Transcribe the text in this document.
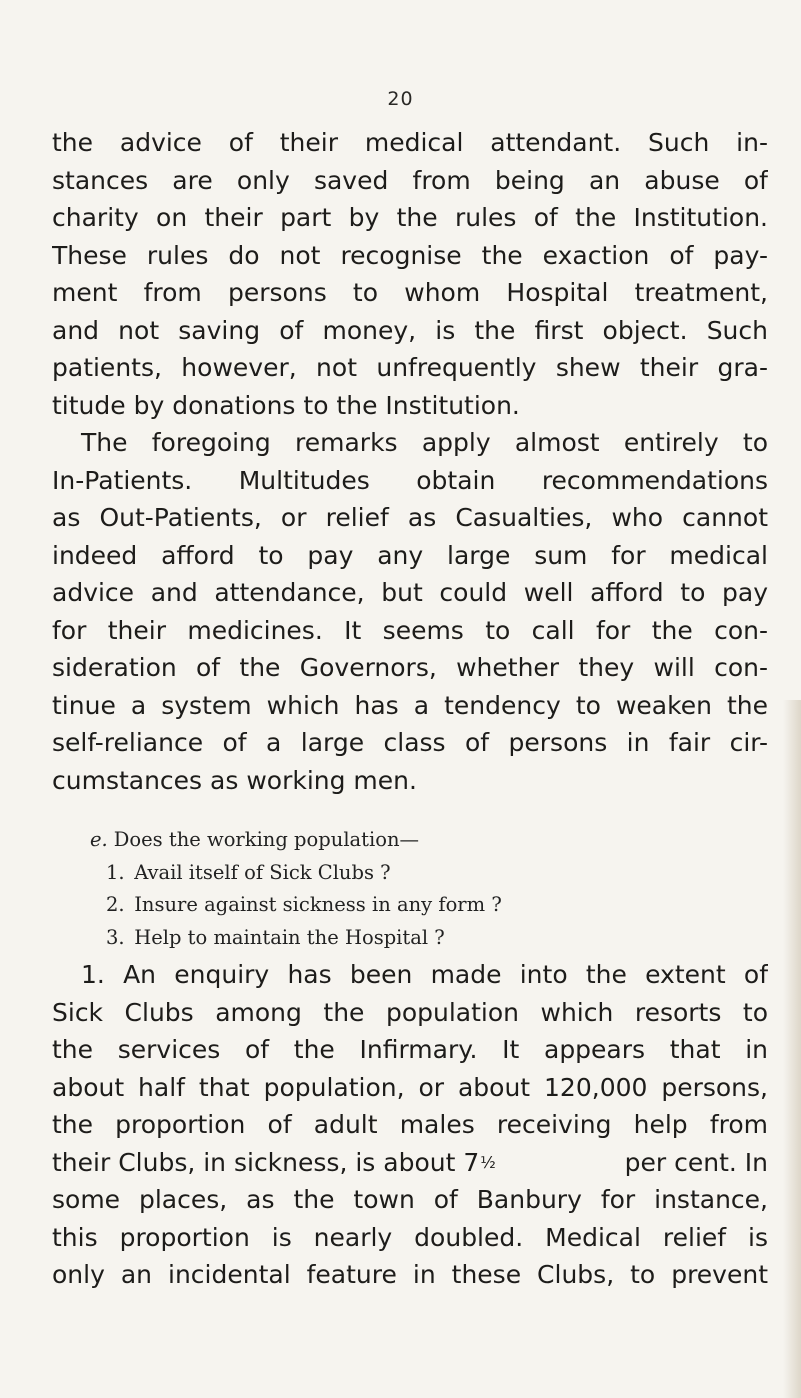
20
the advice of their medical attendant. Such in-
stances are only saved from being an abuse of
charity on their part by the rules of the Institution.
These rules do not recognise the exaction of pay-
ment from persons to whom Hospital treatment,
and not saving of money, is the first object. Such
patients, however, not unfrequently shew their gra-
titude by donations to the Institution.
The foregoing remarks apply almost entirely to
In-Patients. Multitudes obtain recommendations
as Out-Patients, or relief as Casualties, who cannot
indeed afford to pay any large sum for medical
advice and attendance, but could well afford to pay
for their medicines. It seems to call for the con-
sideration of the Governors, whether they will con-
tinue a system which has a tendency to weaken the
self-reliance of a large class of persons in fair cir-
cumstances as working men.
e. Does the working population—
1. Avail itself of Sick Clubs ?
2. Insure against sickness in any form ?
3. Help to maintain the Hospital ?
1. An enquiry has been made into the extent of
Sick Clubs among the population which resorts to
the services of the Infirmary. It appears that in
about half that population, or about 120,000 persons,
the proportion of adult males receiving help from
their Clubs, in sickness, is about 7 ½	per cent. In
some places, as the town of Banbury for instance,
this proportion is nearly doubled. Medical relief is
only an incidental feature in these Clubs, to prevent
